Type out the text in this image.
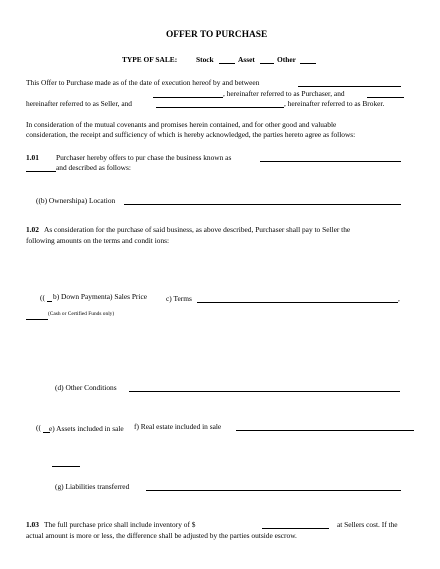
OFFER TO PURCHASE
TYPE OF SALE:	Stock	Asset	Other
This Offer to Purchase made as of the date of execution hereof by and between
, hereinafter referred to as Purchaser, and
hereinafter referred to as Seller, and	, hereinafter referred to as Broker.
In consideration of the mutual covenants and promises herein contained, and for other good and valuable
consideration, the receipt and sufficiency of which is hereby acknowledged, the parties hereto agree as follows:
1.01 Purchaser hereby offers to pur chase the business known as
and described as follows:
((b) Ownershipa) Location
1.02 As consideration for the purchase of said business, as above described, Purchaser shall pay to Seller the
following amounts on the terms and condit ions:
(( b) Down Paymenta) Sales Price	c) Terms	,
(Cash or Certified Funds only)
(d) Other Conditions
(( e) Assets included in sale f) Real estate included in sale
(g) Liabilities transferred
1.03 The full purchase price shall include inventory of $	at Sellers cost. If the
actual amount is more or less, the difference shall be adjusted by the parties outside escrow.
